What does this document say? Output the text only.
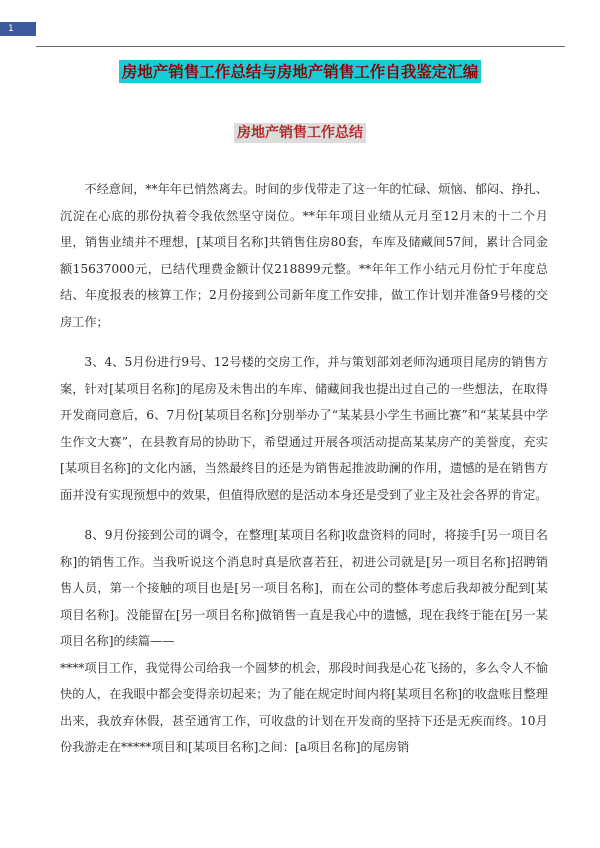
1
房地产销售工作总结与房地产销售工作自我鉴定汇编
房地产销售工作总结

不经意间，**年年已悄然离去。时间的步伐带走了这一年的忙碌、烦恼、郁闷、挣扎、沉淀在心底的那份执着令我依然坚守岗位。**年年项目业绩从元月至12月末的十二个月里，销售业绩并不理想，[某项目名称]共销售住房80套，车库及储藏间57间，累计合同金额15637000元，已结代理费金额计仅218899元整。**年年工作小结元月份忙于年度总结、年度报表的核算工作；2月份接到公司新年度工作安排，做工作计划并准备9号楼的交房工作；

3、4、5月份进行9号、12号楼的交房工作，并与策划部刘老师沟通项目尾房的销售方案，针对[某项目名称]的尾房及未售出的车库、储藏间我也提出过自己的一些想法，在取得开发商同意后，6、7月份[某项目名称]分别举办了“某某县小学生书画比赛”和“某某县中学生作文大赛”，在县教育局的协助下，希望通过开展各项活动提高某某房产的美誉度，充实[某项目名称]的文化内涵，当然最终目的还是为销售起推波助澜的作用，遗憾的是在销售方面并没有实现预想中的效果，但值得欣慰的是活动本身还是受到了业主及社会各界的肯定。

8、9月份接到公司的调令，在整理[某项目名称]收盘资料的同时，将接手[另一项目名称]的销售工作。当我听说这个消息时真是欣喜若狂，初进公司就是[另一项目名称]招聘销售人员，第一个接触的项目也是[另一项目名称]，而在公司的整体考虑后我却被分配到[某项目名称]。没能留在[另一项目名称]做销售一直是我心中的遗憾，现在我终于能在[另一某项目名称]的续篇——

****项目工作，我觉得公司给我一个圆梦的机会，那段时间我是心花飞扬的，多么令人不愉快的人，在我眼中都会变得亲切起来；为了能在规定时间内将[某项目名称]的收盘账目整理出来，我放弃休假，甚至通宵工作，可收盘的计划在开发商的坚持下还是无疾而终。10月份我游走在*****项目和[某项目名称]之间：[a项目名称]的尾房销
